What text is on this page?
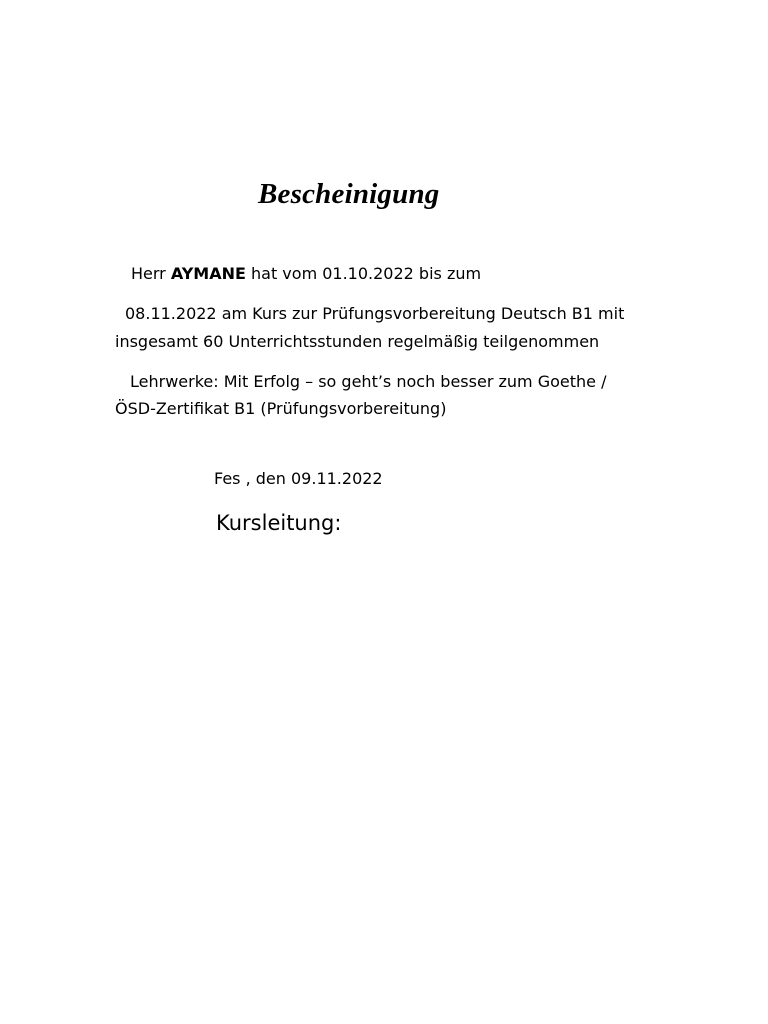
Bescheinigung
Herr AYMANE hat vom 01.10.2022 bis zum
08.11.2022 am Kurs zur Prüfungsvorbereitung Deutsch B1 mit
insgesamt 60 Unterrichtsstunden regelmäßig teilgenommen
Lehrwerke: Mit Erfolg – so geht’s noch besser zum Goethe /
ÖSD-Zertifikat B1 (Prüfungsvorbereitung)
Fes , den 09.11.2022
Kursleitung:
